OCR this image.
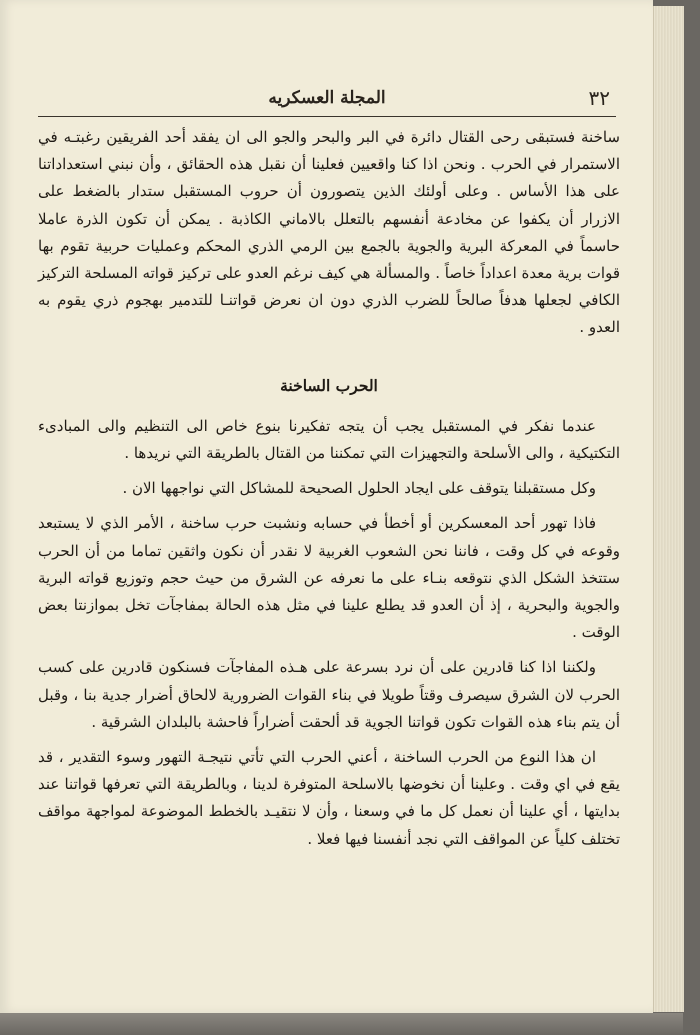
٣٢
المجلة العسكريه

ساخنة فستبقى رحى القتال دائرة في البر والبحر والجو الى ان يفقد أحد الفريقين رغبتـه في الاستمرار في الحرب . ونحن اذا كنا واقعيين فعلينا أن نقبل هذه الحقائق ، وأن نبني استعداداتنا على هذا الأساس . وعلى أولئك الذين يتصورون أن حروب المستقبل ستدار بالضغط على الازرار أن يكفوا عن مخادعة أنفسهم بالتعلل بالاماني الكاذبة . يمكن أن تكون الذرة عاملا حاسماً في المعركة البرية والجوية بالجمع بين الرمي الذري المحكم وعمليات حربية تقوم بها قوات برية معدة اعداداً خاصاً . والمسألة هي كيف نرغم العدو على تركيز قواته المسلحة التركيز الكافي لجعلها هدفاً صالحاً للضرب الذري دون ان نعرض قواتنـا للتدمير بهجوم ذري يقوم به العدو .

الحرب الساخنة

عندما نفكر في المستقبل يجب أن يتجه تفكيرنا بنوع خاص الى التنظيم والى المبادىء التكتيكية ، والى الأسلحة والتجهيزات التي تمكننا من القتال بالطريقة التي نريدها .

وكل مستقبلنا يتوقف على ايجاد الحلول الصحيحة للمشاكل التي نواجهها الان .

فاذا تهور أحد المعسكرين أو أخطأ في حسابه ونشبت حرب ساخنة ، الأمر الذي لا يستبعد وقوعه في كل وقت ، فاننا نحن الشعوب الغربية لا نقدر أن نكون واثقين تماما من أن الحرب ستتخذ الشكل الذي نتوقعه بنـاء على ما نعرفه عن الشرق من حيث حجم وتوزيع قواته البرية والجوية والبحرية ، إذ أن العدو قد يطلع علينا في مثل هذه الحالة بمفاجآت تخل بموازنتا بعض الوقت .

ولكننا اذا كنا قادرين على أن نرد بسرعة على هـذه المفاجآت فسنكون قادرين على كسب الحرب لان الشرق سيصرف وقتاً طويلا في بناء القوات الضرورية لالحاق أضرار جدية بنا ، وقبل أن يتم بناء هذه القوات تكون قواتنا الجوية قد ألحقت أضراراً فاحشة بالبلدان الشرقية .

ان هذا النوع من الحرب الساخنة ، أعني الحرب التي تأتي نتيجـة التهور وسوء التقدير ، قد يقع في اي وقت . وعلينا أن نخوضها بالاسلحة المتوفرة لدينا ، وبالطريقة التي تعرفها قواتنا عند بدايتها ، أي علينا أن نعمل كل ما في وسعنا ، وأن لا نتقيـد بالخطط الموضوعة لمواجهة مواقف تختلف كلياً عن المواقف التي نجد أنفسنا فيها فعلا .
